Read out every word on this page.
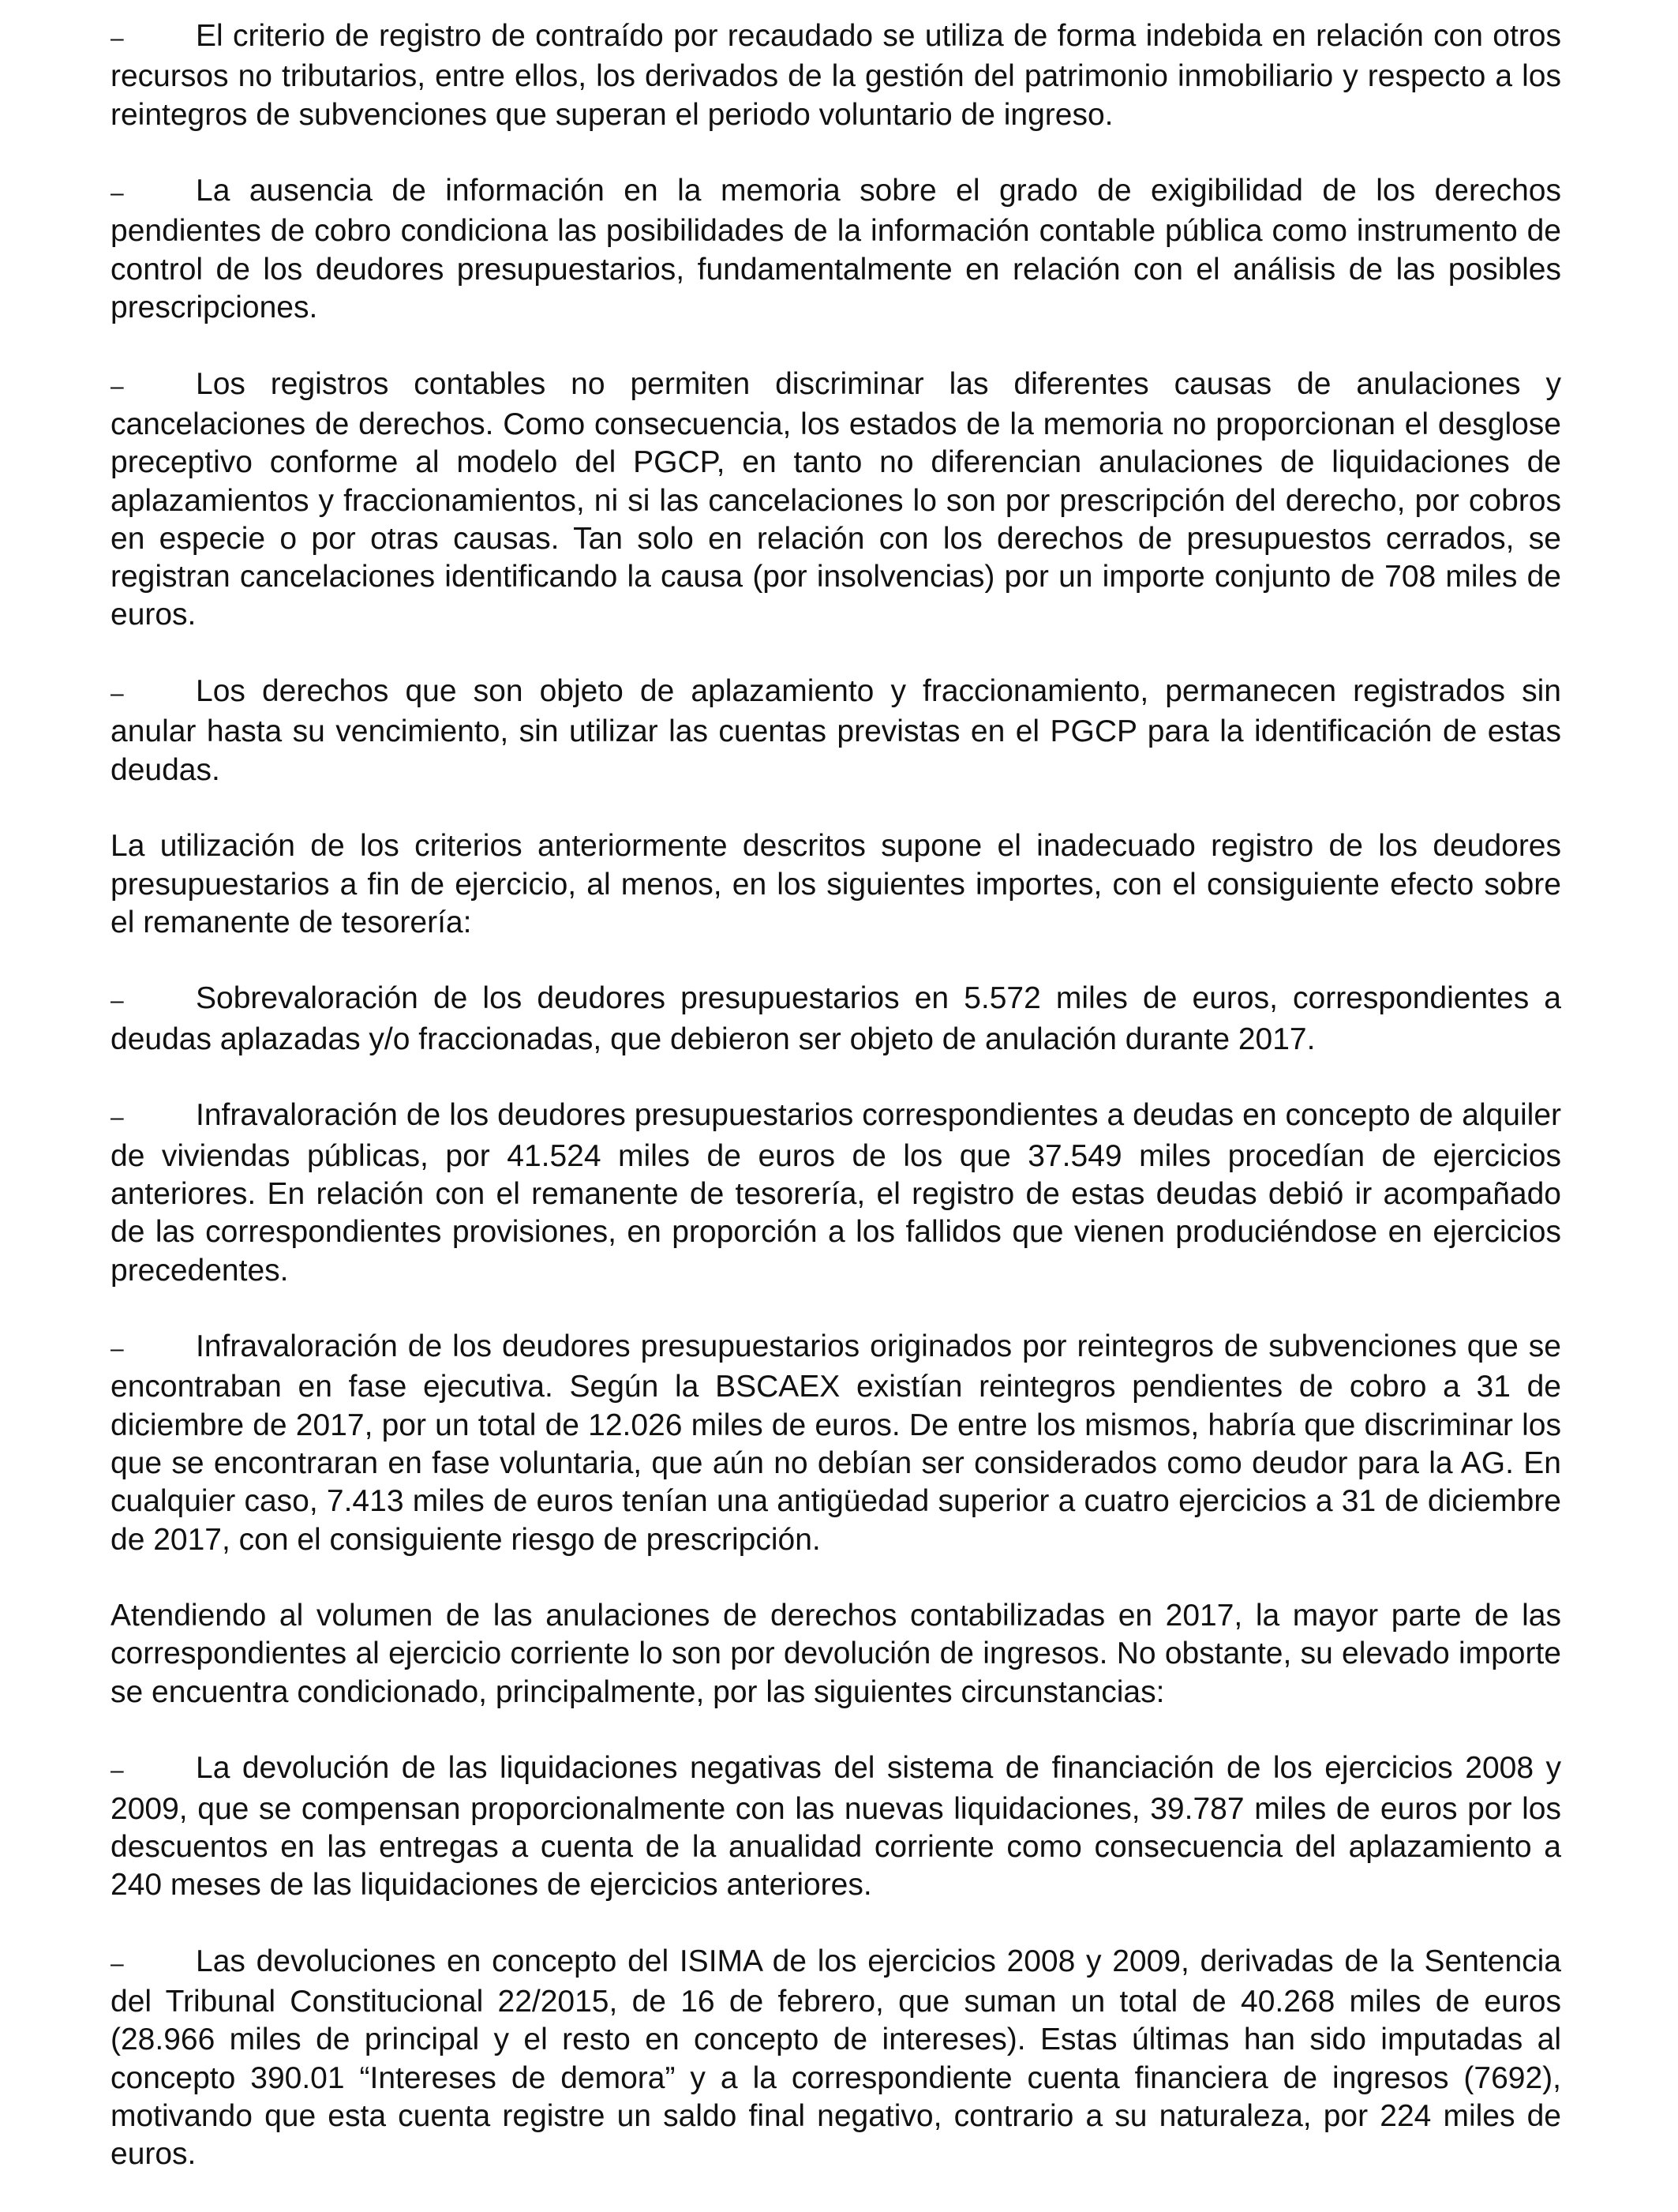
– El criterio de registro de contraído por recaudado se utiliza de forma indebida en relación con otros recursos no tributarios, entre ellos, los derivados de la gestión del patrimonio inmobiliario y respecto a los reintegros de subvenciones que superan el periodo voluntario de ingreso.
– La ausencia de información en la memoria sobre el grado de exigibilidad de los derechos pendientes de cobro condiciona las posibilidades de la información contable pública como instrumento de control de los deudores presupuestarios, fundamentalmente en relación con el análisis de las posibles prescripciones.
– Los registros contables no permiten discriminar las diferentes causas de anulaciones y cancelaciones de derechos. Como consecuencia, los estados de la memoria no proporcionan el desglose preceptivo conforme al modelo del PGCP, en tanto no diferencian anulaciones de liquidaciones de aplazamientos y fraccionamientos, ni si las cancelaciones lo son por prescripción del derecho, por cobros en especie o por otras causas. Tan solo en relación con los derechos de presupuestos cerrados, se registran cancelaciones identificando la causa (por insolvencias) por un importe conjunto de 708 miles de euros.
– Los derechos que son objeto de aplazamiento y fraccionamiento, permanecen registrados sin anular hasta su vencimiento, sin utilizar las cuentas previstas en el PGCP para la identificación de estas deudas.
La utilización de los criterios anteriormente descritos supone el inadecuado registro de los deudores presupuestarios a fin de ejercicio, al menos, en los siguientes importes, con el consiguiente efecto sobre el remanente de tesorería:
– Sobrevaloración de los deudores presupuestarios en 5.572 miles de euros, correspondientes a deudas aplazadas y/o fraccionadas, que debieron ser objeto de anulación durante 2017.
– Infravaloración de los deudores presupuestarios correspondientes a deudas en concepto de alquiler de viviendas públicas, por 41.524 miles de euros de los que 37.549 miles procedían de ejercicios anteriores. En relación con el remanente de tesorería, el registro de estas deudas debió ir acompañado de las correspondientes provisiones, en proporción a los fallidos que vienen produciéndose en ejercicios precedentes.
– Infravaloración de los deudores presupuestarios originados por reintegros de subvenciones que se encontraban en fase ejecutiva. Según la BSCAEX existían reintegros pendientes de cobro a 31 de diciembre de 2017, por un total de 12.026 miles de euros. De entre los mismos, habría que discriminar los que se encontraran en fase voluntaria, que aún no debían ser considerados como deudor para la AG. En cualquier caso, 7.413 miles de euros tenían una antigüedad superior a cuatro ejercicios a 31 de diciembre de 2017, con el consiguiente riesgo de prescripción.
Atendiendo al volumen de las anulaciones de derechos contabilizadas en 2017, la mayor parte de las correspondientes al ejercicio corriente lo son por devolución de ingresos. No obstante, su elevado importe se encuentra condicionado, principalmente, por las siguientes circunstancias:
– La devolución de las liquidaciones negativas del sistema de financiación de los ejercicios 2008 y 2009, que se compensan proporcionalmente con las nuevas liquidaciones, 39.787 miles de euros por los descuentos en las entregas a cuenta de la anualidad corriente como consecuencia del aplazamiento a 240 meses de las liquidaciones de ejercicios anteriores.
– Las devoluciones en concepto del ISIMA de los ejercicios 2008 y 2009, derivadas de la Sentencia del Tribunal Constitucional 22/2015, de 16 de febrero, que suman un total de 40.268 miles de euros (28.966 miles de principal y el resto en concepto de intereses). Estas últimas han sido imputadas al concepto 390.01 “Intereses de demora” y a la correspondiente cuenta financiera de ingresos (7692), motivando que esta cuenta registre un saldo final negativo, contrario a su naturaleza, por 224 miles de euros.
